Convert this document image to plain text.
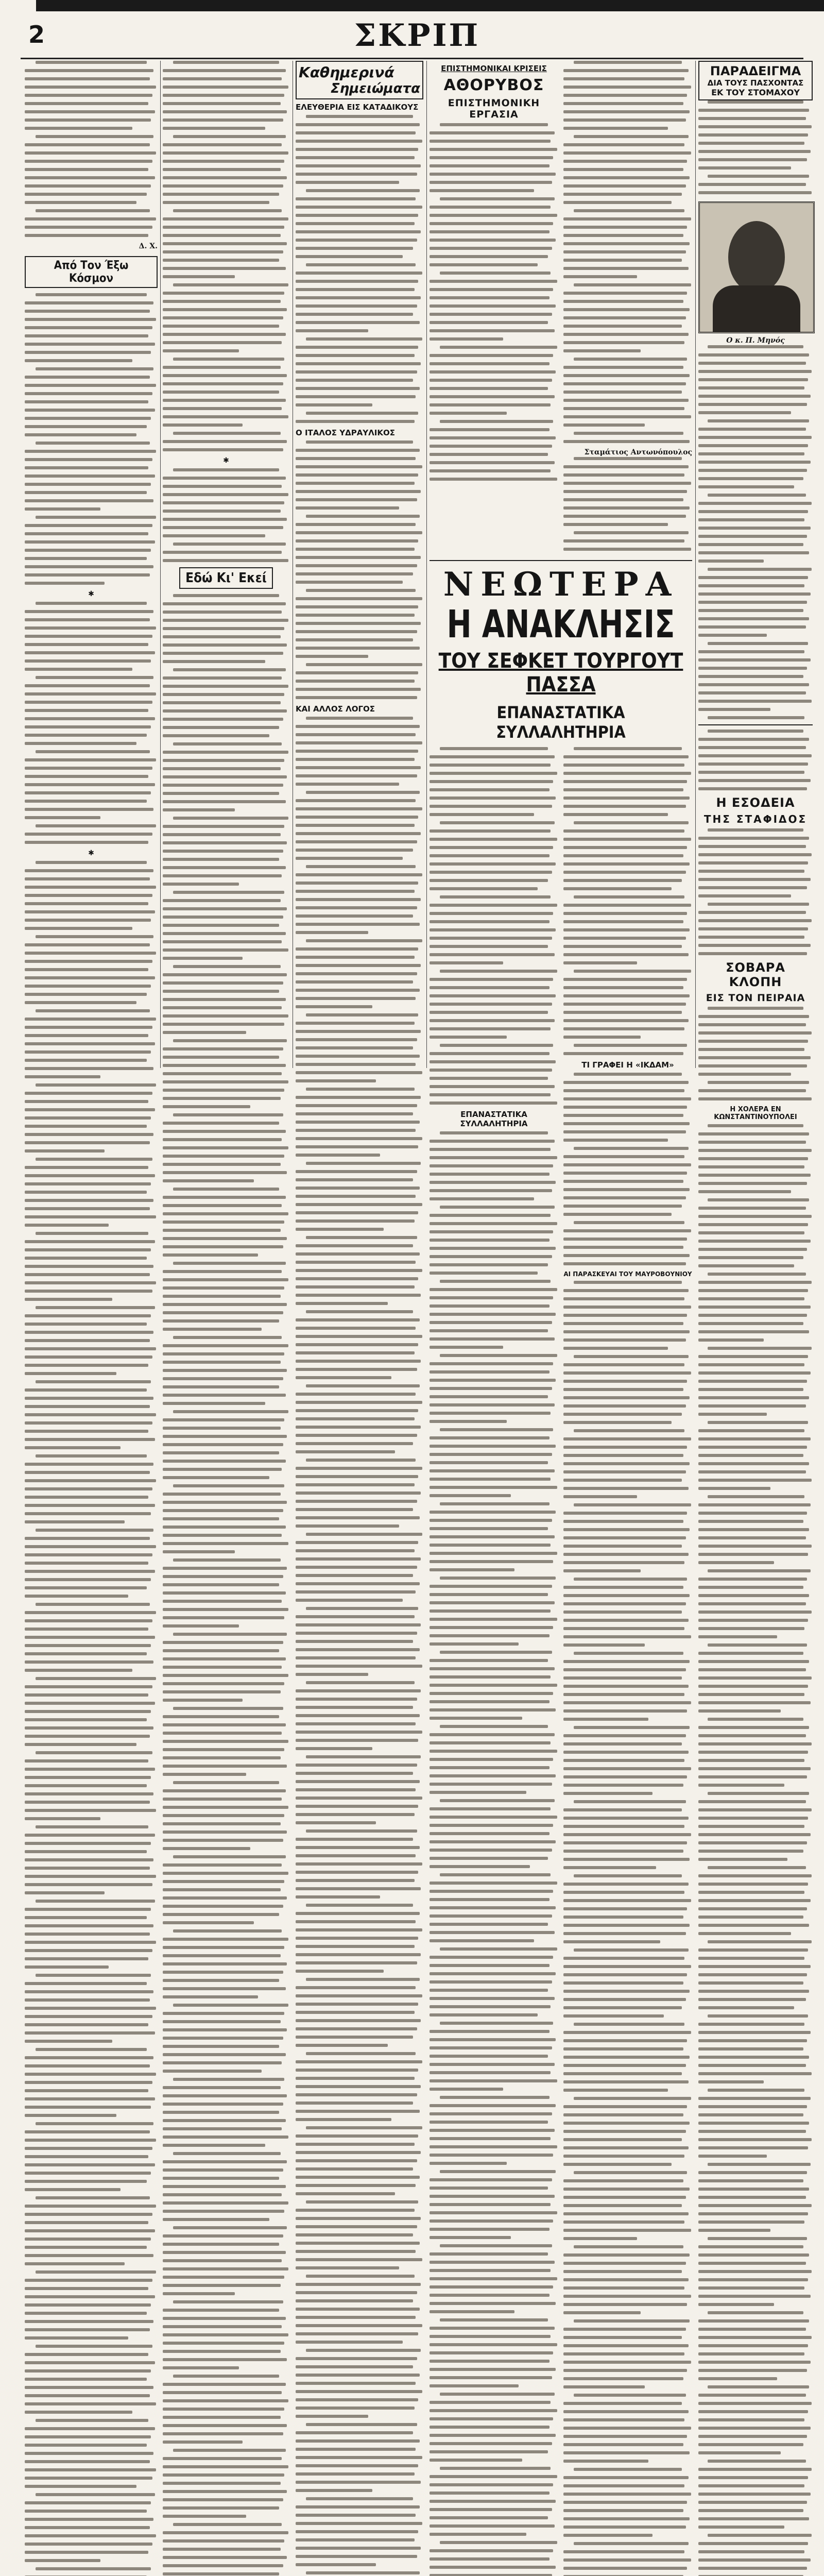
2	ΣΚΡΙΠ
Δ. Χ.
Από Τον Έξω Κόσμον
✱
✱
✱
Εδώ Κι' Εκεί
Καθημερινά
Σημειώματα
ΕΛΕΥΘΕΡΙΑ ΕΙΣ ΚΑΤΑΔΙΚΟΥΣ
Ο ΙΤΑΛΟΣ ΥΔΡΑΥΛΙΚΟΣ
ΚΑΙ ΑΛΛΟΣ ΛΟΓΟΣ
ΕΠΙΣΤΗΜΟΝΙΚΑΙ ΚΡΙΣΕΙΣ
ΑΘΟΡΥΒΟΣ
ΕΠΙΣΤΗΜΟΝΙΚΗ ΕΡΓΑΣΙΑ
Σταμάτιος Αντωνόπουλος
ΝΕΩΤΕΡΑ
Η ΑΝΑΚΛΗΣΙΣ
ΤΟΥ ΣΕΦΚΕΤ ΤΟΥΡΓΟΥΤ ΠΑΣΣΑ
ΕΠΑΝΑΣΤΑΤΙΚΑ ΣΥΛΛΑΛΗΤΗΡΙΑ
ΕΠΑΝΑΣΤΑΤΙΚΑ ΣΥΛΛΑΛΗΤΗΡΙΑ
ΤΙ ΓΡΑΦΕΙ Η «ΙΚΔΑΜ»
ΑΙ ΠΑΡΑΣΚΕΥΑΙ ΤΟΥ ΜΑΥΡΟΒΟΥΝΙΟΥ
ΠΑΡΑΔΕΙΓΜΑ
ΔΙΑ ΤΟΥΣ ΠΑΣΧΟΝΤΑΣ
ΕΚ ΤΟΥ ΣΤΟΜΑΧΟΥ
Ο κ. Π. Μηνός
Η ΕΣΟΔΕΙΑ
ΤΗΣ ΣΤΑΦΙΔΟΣ
ΣΟΒΑΡΑ ΚΛΟΠΗ
ΕΙΣ ΤΟΝ ΠΕΙΡΑΙΑ
Η ΧΟΛΕΡΑ ΕΝ ΚΩΝΣΤΑΝΤΙΝΟΥΠΟΛΕΙ
